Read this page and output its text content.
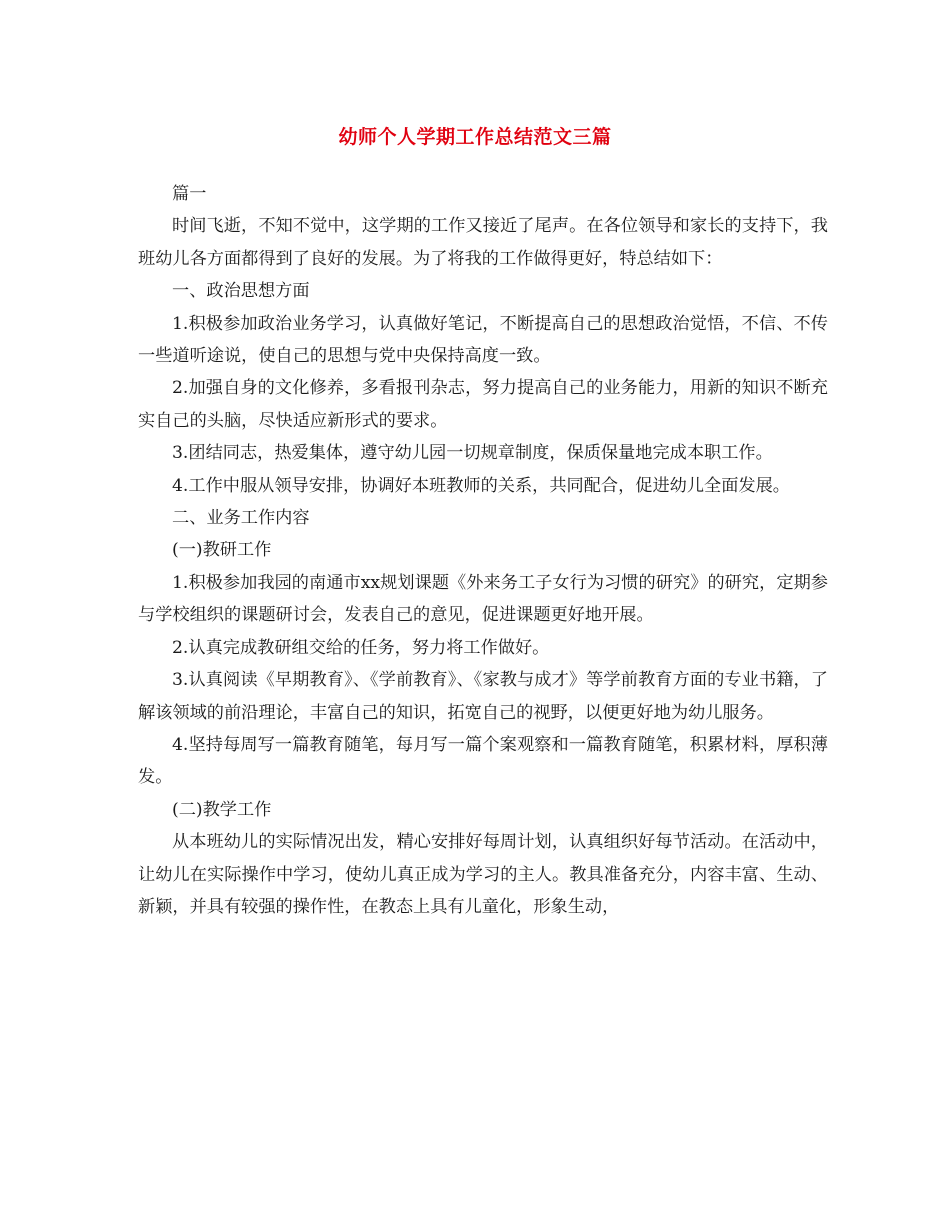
幼师个人学期工作总结范文三篇

篇一

时间飞逝，不知不觉中，这学期的工作又接近了尾声。在各位领导和家长的支持下，我班幼儿各方面都得到了良好的发展。为了将我的工作做得更好，特总结如下：

一、政治思想方面

1.积极参加政治业务学习，认真做好笔记，不断提高自己的思想政治觉悟，不信、不传一些道听途说，使自己的思想与党中央保持高度一致。

2.加强自身的文化修养，多看报刊杂志，努力提高自己的业务能力，用新的知识不断充实自己的头脑，尽快适应新形式的要求。

3.团结同志，热爱集体，遵守幼儿园一切规章制度，保质保量地完成本职工作。

4.工作中服从领导安排，协调好本班教师的关系，共同配合，促进幼儿全面发展。

二、业务工作内容

(一)教研工作

1.积极参加我园的南通市xx规划课题《外来务工子女行为习惯的研究》的研究，定期参与学校组织的课题研讨会，发表自己的意见，促进课题更好地开展。

2.认真完成教研组交给的任务，努力将工作做好。

3.认真阅读《早期教育》、《学前教育》、《家教与成才》等学前教育方面的专业书籍，了解该领域的前沿理论，丰富自己的知识，拓宽自己的视野，以便更好地为幼儿服务。

4.坚持每周写一篇教育随笔，每月写一篇个案观察和一篇教育随笔，积累材料，厚积薄发。

(二)教学工作

从本班幼儿的实际情况出发，精心安排好每周计划，认真组织好每节活动。在活动中，让幼儿在实际操作中学习，使幼儿真正成为学习的主人。教具准备充分，内容丰富、生动、新颖，并具有较强的操作性，在教态上具有儿童化，形象生动，
